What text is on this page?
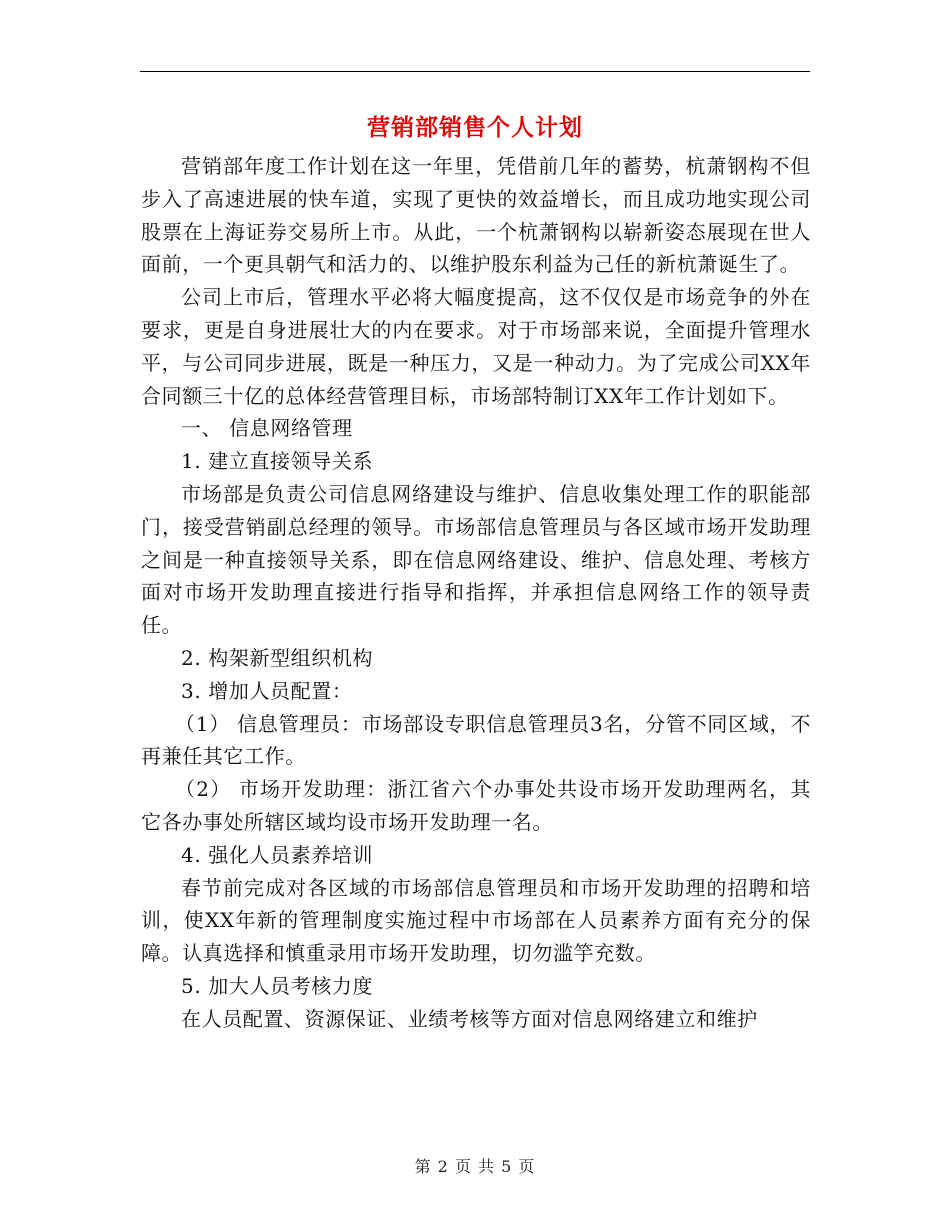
营销部销售个人计划

营销部年度工作计划在这一年里，凭借前几年的蓄势，杭萧钢构不但步入了高速进展的快车道，实现了更快的效益增长，而且成功地实现公司股票在上海证券交易所上市。从此，一个杭萧钢构以崭新姿态展现在世人面前，一个更具朝气和活力的、以维护股东利益为己任的新杭萧诞生了。

公司上市后，管理水平必将大幅度提高，这不仅仅是市场竞争的外在要求，更是自身进展壮大的内在要求。对于市场部来说，全面提升管理水平，与公司同步进展，既是一种压力，又是一种动力。为了完成公司XX年合同额三十亿的总体经营管理目标，市场部特制订XX年工作计划如下。

一、 信息网络管理

1. 建立直接领导关系

市场部是负责公司信息网络建设与维护、信息收集处理工作的职能部门，接受营销副总经理的领导。市场部信息管理员与各区域市场开发助理之间是一种直接领导关系，即在信息网络建设、维护、信息处理、考核方面对市场开发助理直接进行指导和指挥，并承担信息网络工作的领导责任。

2. 构架新型组织机构

3. 增加人员配置：

（1） 信息管理员：市场部设专职信息管理员3名，分管不同区域，不再兼任其它工作。

（2） 市场开发助理：浙江省六个办事处共设市场开发助理两名，其它各办事处所辖区域均设市场开发助理一名。

4. 强化人员素养培训

春节前完成对各区域的市场部信息管理员和市场开发助理的招聘和培训，使XX年新的管理制度实施过程中市场部在人员素养方面有充分的保障。认真选择和慎重录用市场开发助理，切勿滥竽充数。

5. 加大人员考核力度

在人员配置、资源保证、业绩考核等方面对信息网络建立和维护

第 2 页 共 5 页
